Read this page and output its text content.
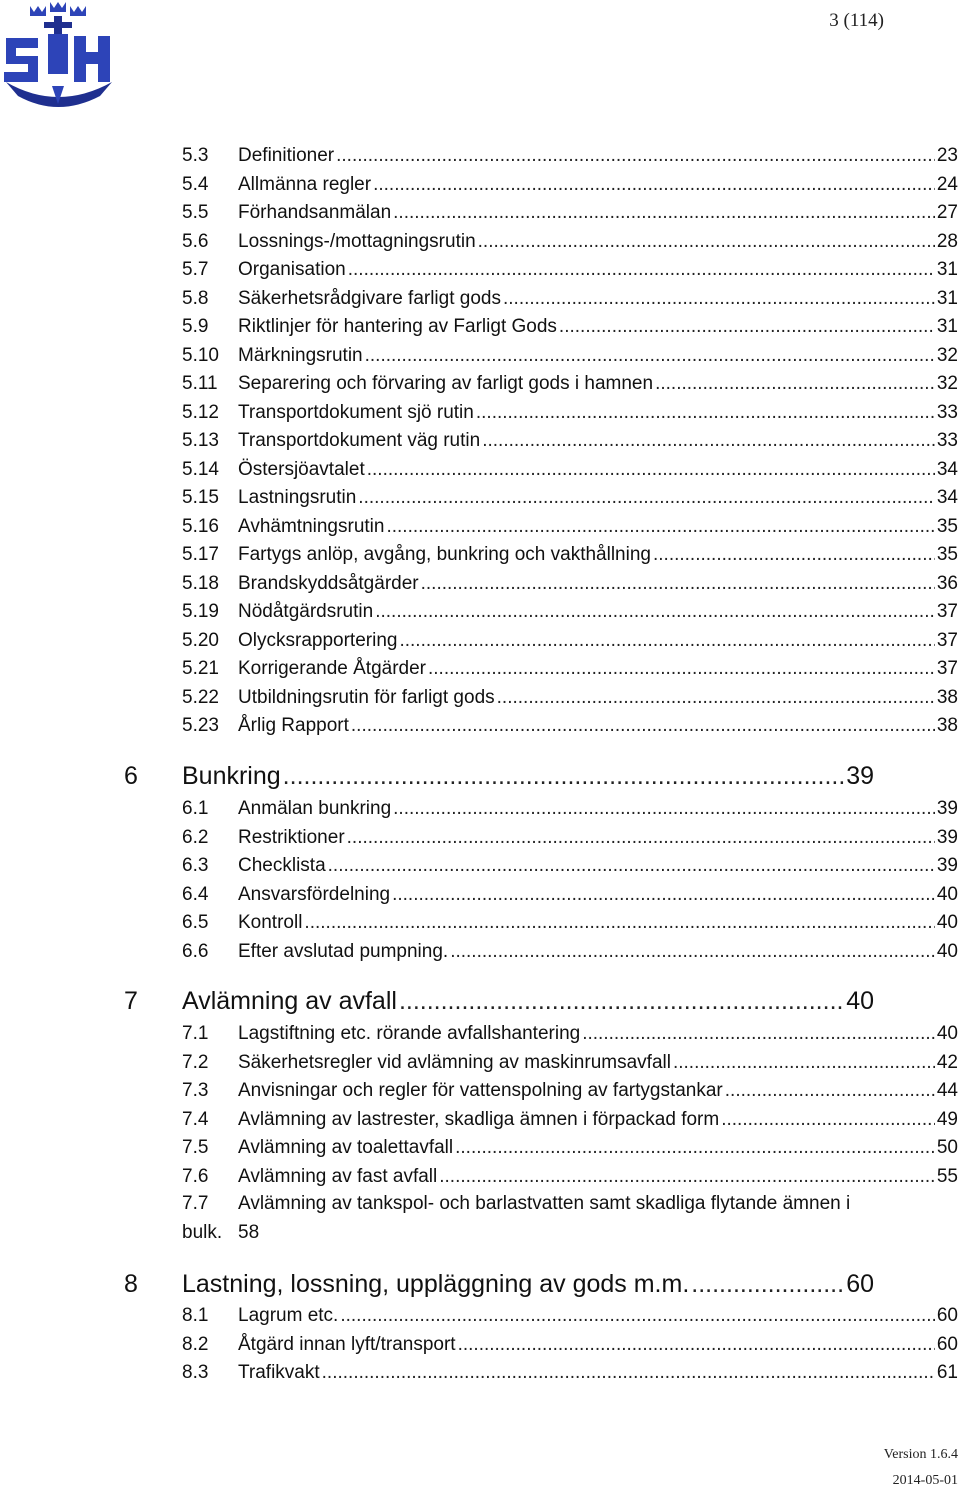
3 (114)
5.3	Definitioner .....	23
5.4	Allmänna regler .....	24
5.5	Förhandsanmälan .....	27
5.6	Lossnings-/mottagningsrutin .....	28
5.7	Organisation .....	31
5.8	Säkerhetsrådgivare farligt gods .....	31
5.9	Riktlinjer för hantering av Farligt Gods .....	31
5.10	Märkningsrutin .....	32
5.11	Separering och förvaring av farligt gods i hamnen .....	32
5.12	Transportdokument sjö rutin .....	33
5.13	Transportdokument väg rutin .....	33
5.14	Östersjöavtalet .....	34
5.15	Lastningsrutin .....	34
5.16	Avhämtningsrutin .....	35
5.17	Fartygs anlöp, avgång, bunkring och vakthållning .....	35
5.18	Brandskyddsåtgärder .....	36
5.19	Nödåtgärdsrutin .....	37
5.20	Olycksrapportering .....	37
5.21	Korrigerande Åtgärder .....	37
5.22	Utbildningsrutin för farligt gods .....	38
5.23	Årlig Rapport .....	38
6	Bunkring .....	39
6.1	Anmälan bunkring .....	39
6.2	Restriktioner .....	39
6.3	Checklista .....	39
6.4	Ansvarsfördelning .....	40
6.5	Kontroll .....	40
6.6	Efter avslutad pumpning. .....	40
7	Avlämning av avfall .....	40
7.1	Lagstiftning etc. rörande avfallshantering .....	40
7.2	Säkerhetsregler vid avlämning av maskinrumsavfall .....	42
7.3	Anvisningar och regler för vattenspolning av fartygstankar .....	44
7.4	Avlämning av lastrester, skadliga ämnen i förpackad form .....	49
7.5	Avlämning av toalettavfall .....	50
7.6	Avlämning av fast avfall .....	55
7.7 Avlämning av tankspol- och barlastvatten samt skadliga flytande ämnen i
bulk. 58
8	Lastning, lossning, uppläggning av gods m.m. .....	60
8.1	Lagrum etc. .....	60
8.2	Åtgärd innan lyft/transport .....	60
8.3	Trafikvakt .....	61
Version 1.6.4
2014-05-01
